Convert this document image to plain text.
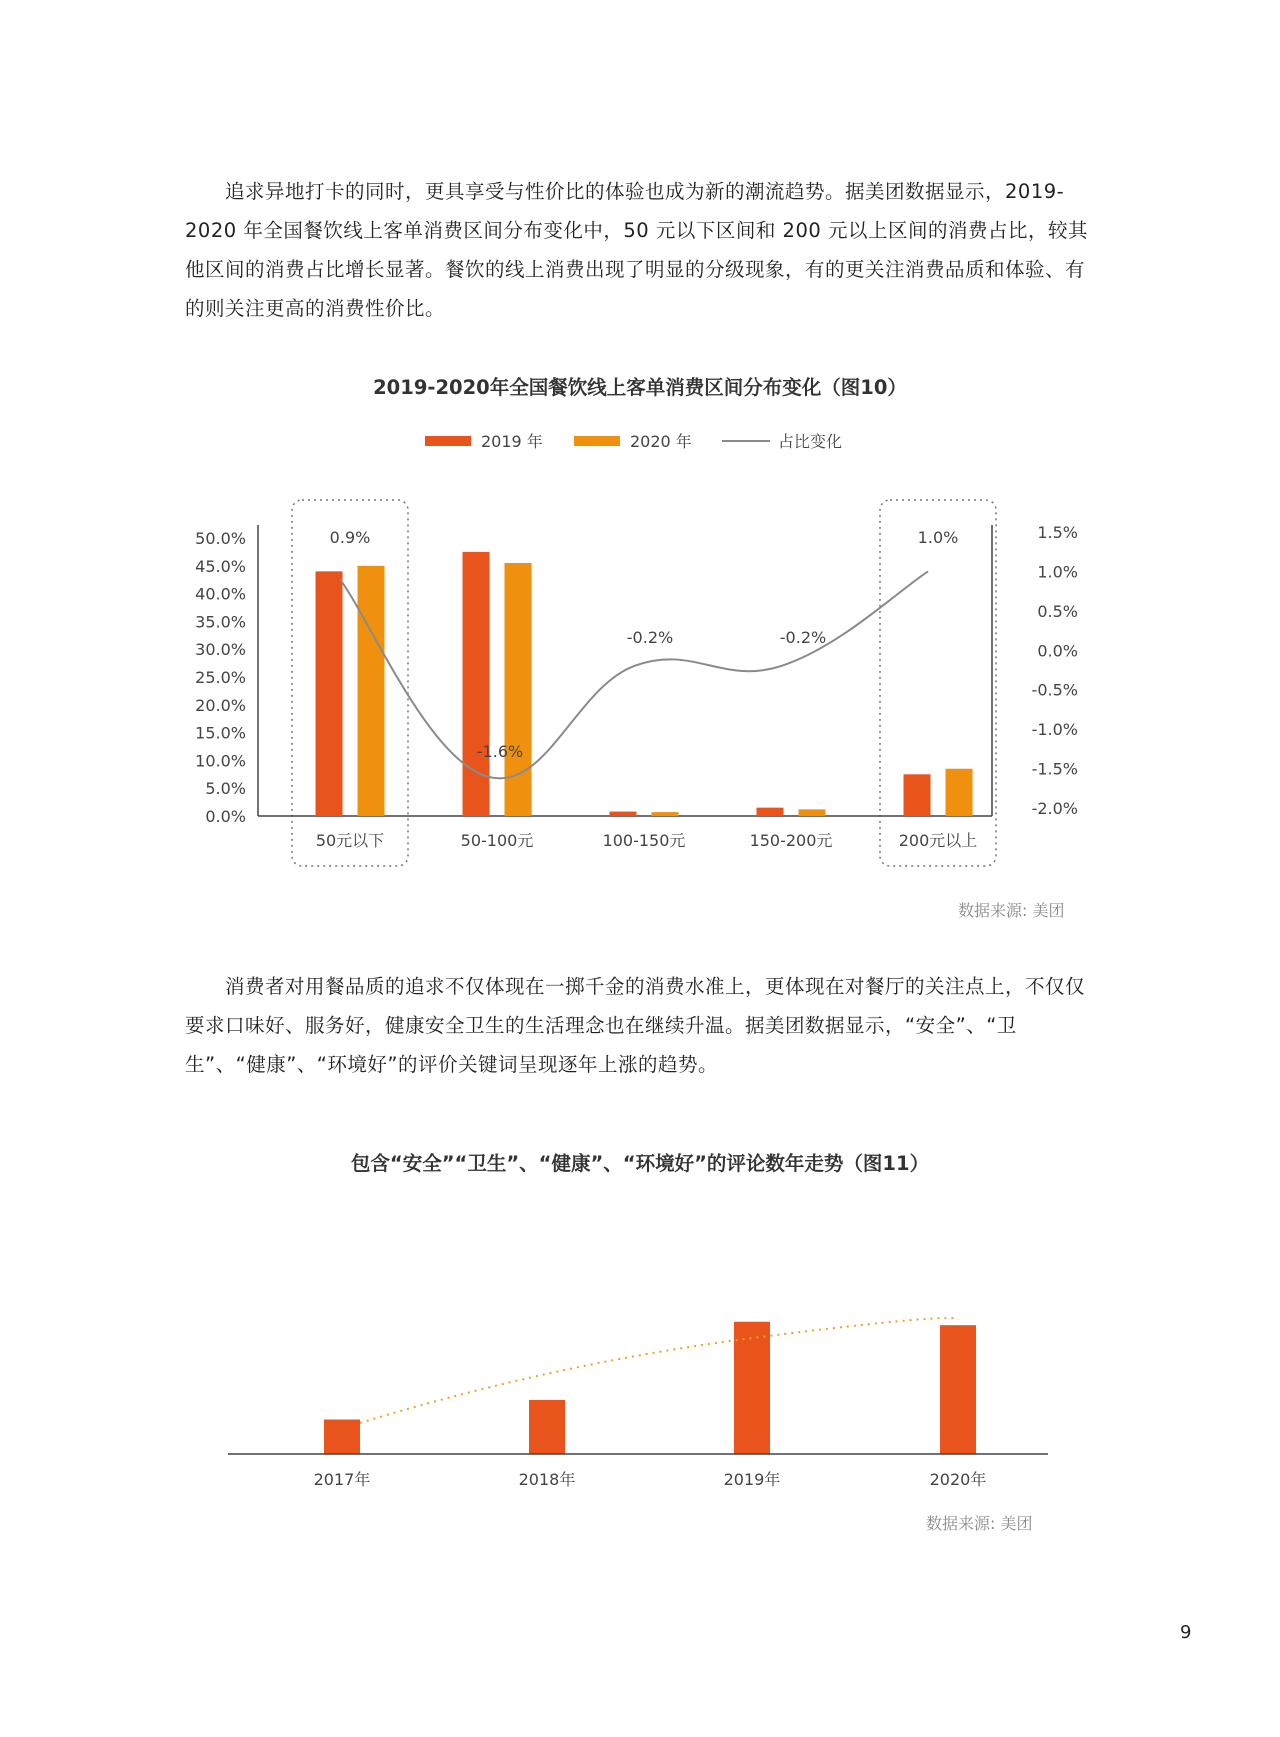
追求异地打卡的同时，更具享受与性价比的体验也成为新的潮流趋势。据美团数据显示，2019-2020 年全国餐饮线上客单消费区间分布变化中，50 元以下区间和 200 元以上区间的消费占比，较其他区间的消费占比增长显著。餐饮的线上消费出现了明显的分级现象，有的更关注消费品质和体验、有的则关注更高的消费性价比。

2019-2020年全国餐饮线上客单消费区间分布变化（图10）
2019 年	2020 年	占比变化
50.0%
45.0%
40.0%
35.0%
30.0%
25.0%
20.0%
15.0%
10.0%
5.0%
0.0%
1.5%
1.0%
0.5%
0.0%
-0.5%
-1.0%
-1.5%
-2.0%
50元以下	50-100元	100-150元	150-200元	200元以上
0.9%
-1.6%
-0.2%	-0.2%
1.0%
数据来源: 美团

消费者对用餐品质的追求不仅体现在一掷千金的消费水准上，更体现在对餐厅的关注点上，不仅仅要求口味好、服务好，健康安全卫生的生活理念也在继续升温。据美团数据显示，“安全”、“卫生”、“健康”、“环境好”的评价关键词呈现逐年上涨的趋势。

包含“安全”“卫生”、“健康”、“环境好”的评论数年走势（图11）
2017年	2018年	2019年	2020年
数据来源: 美团
9
